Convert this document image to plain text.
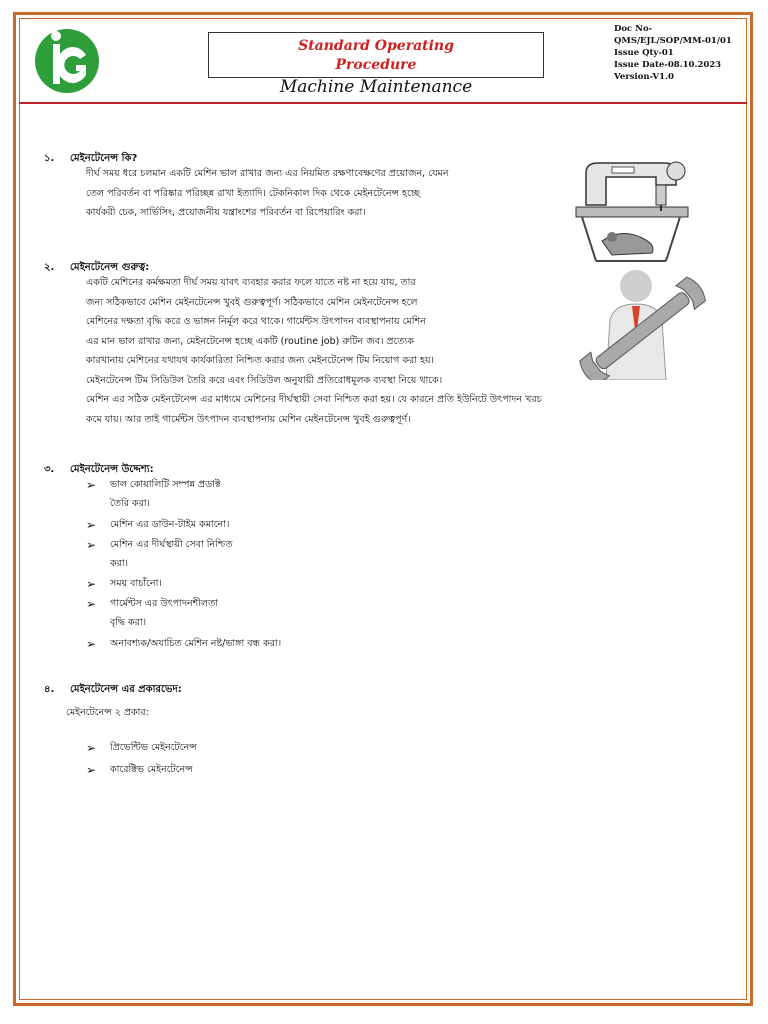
Standard Operating
Procedure
Machine Maintenance
Doc No-
QMS/EJL/SOP/MM-01/01
Issue Qty-01
Issue Date-08.10.2023
Version-V1.0
১. মেইনটেনেন্স কি?
দীর্ঘ সময় ধরে চলমান একটি মেশিন ভাল রাখার জন্য এর নিয়মিত রক্ষণাবেক্ষণের প্রয়োজন, যেমন
তেল পরিবর্তন বা পরিষ্কার পরিচ্ছন্ন রাখা ইত্যাদি। টেকনিকাল দিক থেকে মেইনটেনেন্স হচ্ছে
কার্যকরী চেক, সার্ভিসিং, প্রয়োজনীয় যন্ত্রাংশের পরিবর্তন বা রিপেয়ারিং করা।
২. মেইনটেনেন্স গুরুত্ব:
একটি মেশিনের কর্মক্ষমতা দীর্ঘ সময় যাবৎ ব্যবহার করার ফলে যাতে নষ্ট না হয়ে যায়, তার
জন্য সঠিকভাবে মেশিন মেইনটেনেন্স খুবই গুরুত্বপূর্ণ। সঠিকভাবে মেশিন মেইনটেনেন্স হলে
মেশিনের দক্ষতা বৃদ্ধি করে ও ভাঙ্গন নির্মূল করে থাকে। গার্মেন্টস উৎপাদন ব্যবস্থাপনায় মেশিন
এর মান ভাল রাখার জন্য, মেইনটেনেন্স হচ্ছে একটি (routine job) রুটিন জব। প্রত্যেক
কারখানায় মেশিনের যথাযথ কার্যকারিতা নিশ্চিত করার জন্য মেইনটেনেন্স টিম নিয়োগ করা হয়।
মেইনটেনেন্স টিম সিডিউল তৈরি করে এবং সিডিউল অনুযায়ী প্রতিরোধমূলক ব্যবস্থা নিয়ে থাকে।
মেশিন এর সঠিক মেইনটেনেন্স এর মাধ্যমে মেশিনের দীর্ঘস্থায়ী সেবা নিশ্চিত করা হয়। যে কারনে প্রতি ইউনিটে উৎপাদন খরচ
কমে যায়। আর তাই গার্মেন্টস উৎপাদন ব্যবস্থাপনায় মেশিন মেইনটেনেন্স খুবই গুরুত্বপূর্ণ।
৩. মেইনটেনেন্স উদ্দেশ্য:
➢ ভাল কোয়ালিটি সম্পন্ন প্রডাক্ট
তৈরি করা।
➢ মেশিন এর ডাউন-টাইম কমানো।
➢ মেশিন এর দীর্ঘস্থায়ী সেবা নিশ্চিত
করা।
➢ সময় বাচাঁনো।
➢ গার্মেন্টস এর উৎপাদনশীলতা
বৃদ্ধি করা।
➢ অনাবশ্যক/অযাচিত মেশিন নষ্ট/ভাঙ্গা বন্ধ করা।
৪. মেইনটেনেন্স এর প্রকারভেদ:
মেইনটেনেন্স ২ প্রকার:
➢ প্রিভেন্টিভ মেইনটেনেন্স
➢ কারেক্টিভ মেইনটেনেন্স
